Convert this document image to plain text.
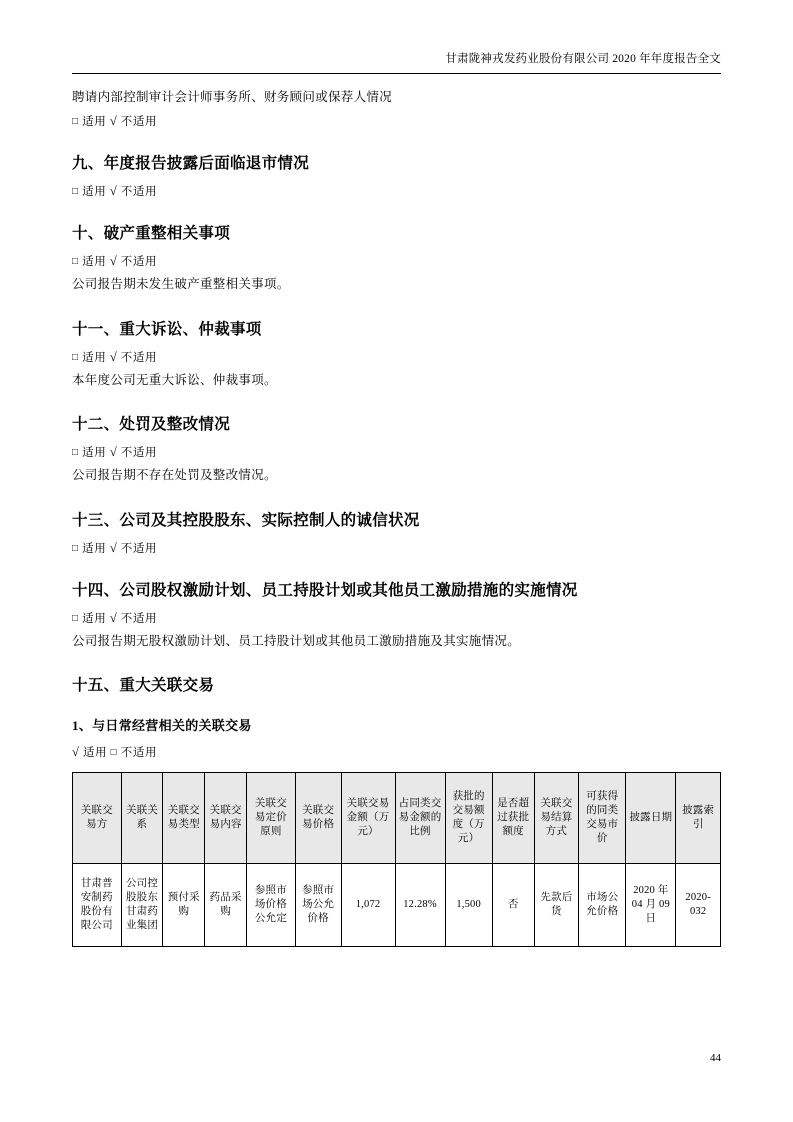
甘肃陇神戎发药业股份有限公司 2020 年年度报告全文

聘请内部控制审计会计师事务所、财务顾问或保荐人情况

□ 适用 √ 不适用
九、年度报告披露后面临退市情况
□ 适用 √ 不适用
十、破产重整相关事项
□ 适用 √ 不适用

公司报告期未发生破产重整相关事项。

十一、重大诉讼、仲裁事项
□ 适用 √ 不适用

本年度公司无重大诉讼、仲裁事项。

十二、处罚及整改情况
□ 适用 √ 不适用

公司报告期不存在处罚及整改情况。

十三、公司及其控股股东、实际控制人的诚信状况
□ 适用 √ 不适用
十四、公司股权激励计划、员工持股计划或其他员工激励措施的实施情况
□ 适用 √ 不适用

公司报告期无股权激励计划、员工持股计划或其他员工激励措施及其实施情况。

十五、重大关联交易
1、与日常经营相关的关联交易
√ 适用 □ 不适用
关联交易方	关联关系	关联交易类型	关联交易内容	关联交易定价原则	关联交易价格	关联交易金额（万元）	占同类交易金额的比例	获批的交易额度（万元）	是否超过获批额度	关联交易结算方式	可获得的同类交易市价	披露日期	披露索引
甘肃普安制药股份有限公司	公司控股股东甘肃药业集团	预付采购	药品采购	参照市场价格公允定	参照市场公允价格	1,072	12.28%	1,500	否	先款后货	市场公允价格	2020 年 04 月 09 日	2020-032
44
